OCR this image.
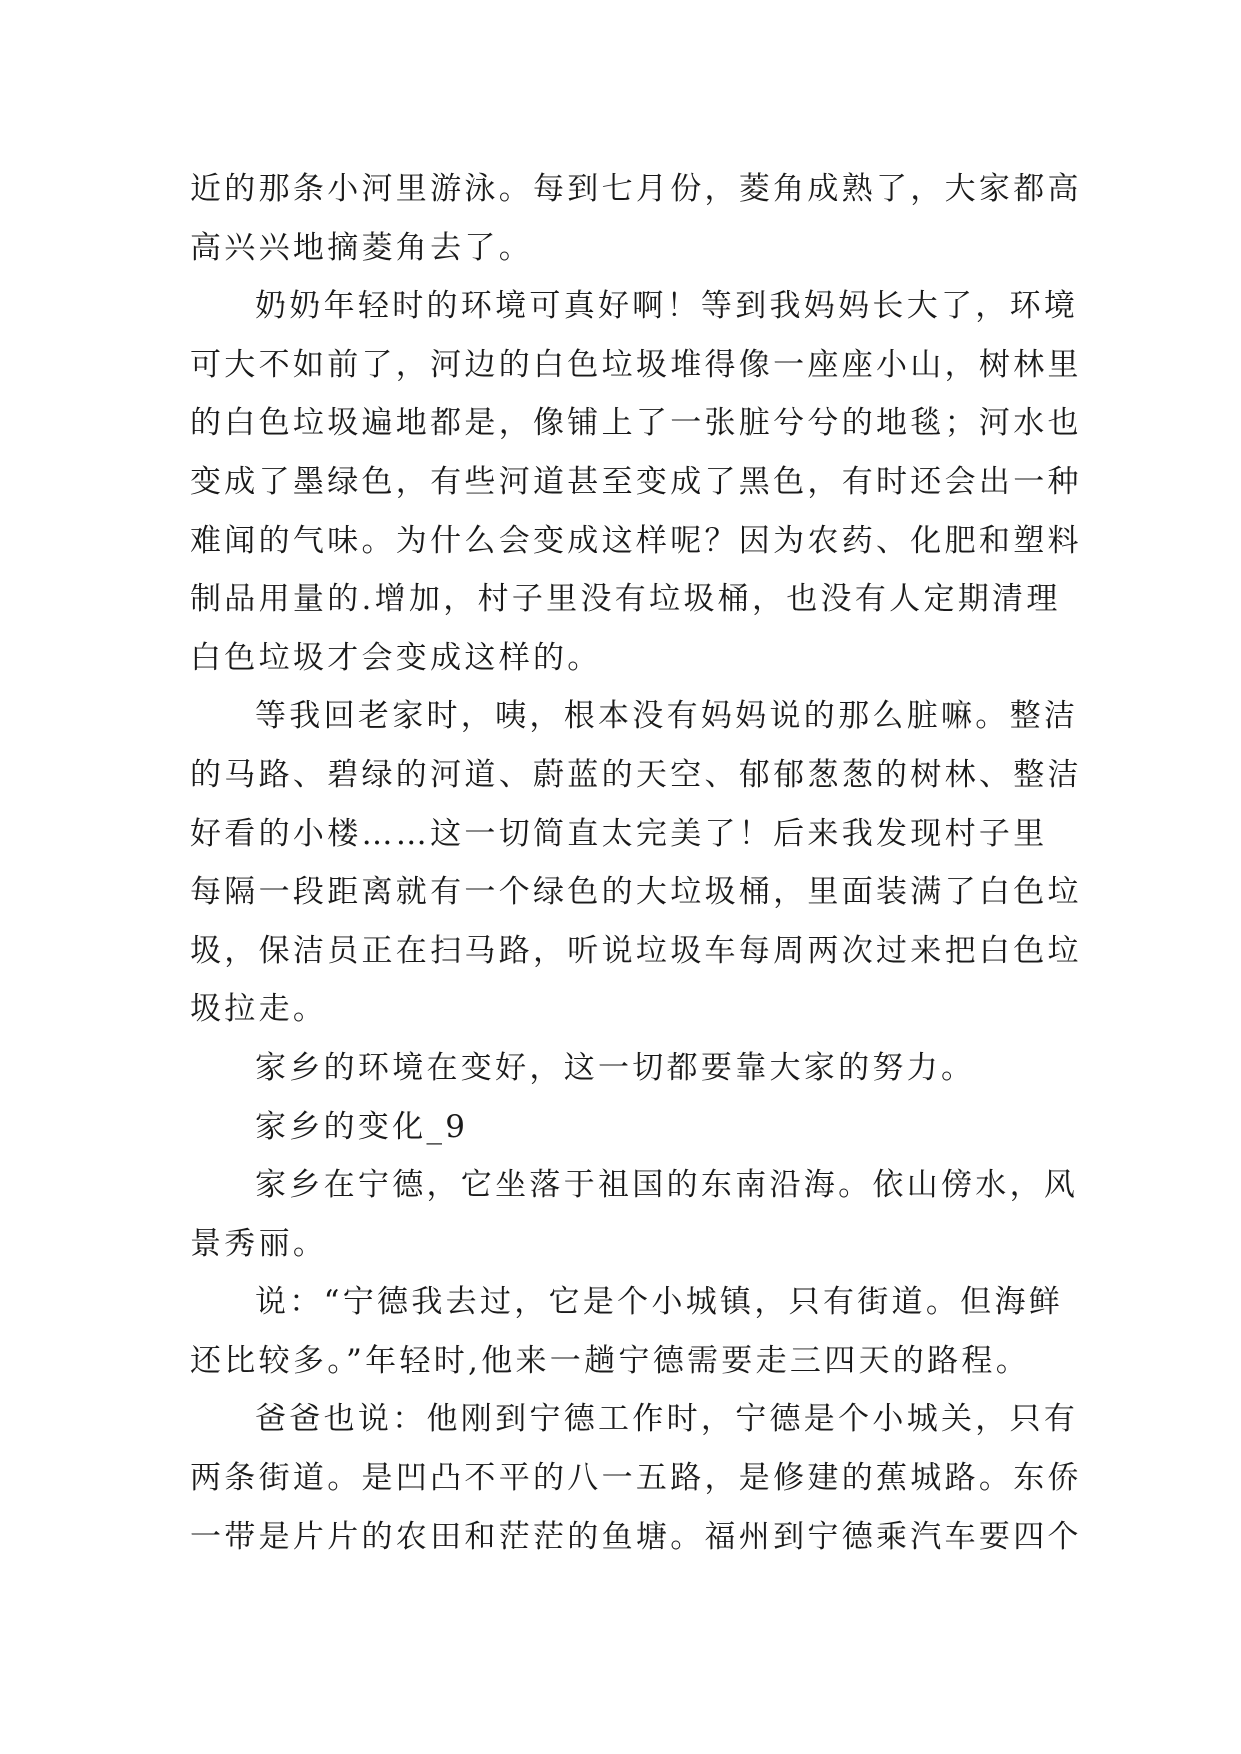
近的那条小河里游泳。每到七月份，菱角成熟了，大家都高
高兴兴地摘菱角去了。
奶奶年轻时的环境可真好啊！等到我妈妈长大了，环境
可大不如前了，河边的白色垃圾堆得像一座座小山，树林里
的白色垃圾遍地都是，像铺上了一张脏兮兮的地毯；河水也
变成了墨绿色，有些河道甚至变成了黑色，有时还会出一种
难闻的气味。为什么会变成这样呢？因为农药、化肥和塑料
制品用量的.增加，村子里没有垃圾桶，也没有人定期清理
白色垃圾才会变成这样的。
等我回老家时，咦，根本没有妈妈说的那么脏嘛。整洁
的马路、碧绿的河道、蔚蓝的天空、郁郁葱葱的树林、整洁
好看的小楼……这一切简直太完美了！后来我发现村子里
每隔一段距离就有一个绿色的大垃圾桶，里面装满了白色垃
圾，保洁员正在扫马路，听说垃圾车每周两次过来把白色垃
圾拉走。
家乡的环境在变好，这一切都要靠大家的努力。
家乡的变化_9
家乡在宁德，它坐落于祖国的东南沿海。依山傍水，风
景秀丽。
说：“宁德我去过，它是个小城镇，只有街道。但海鲜
还比较多。”年轻时,他来一趟宁德需要走三四天的路程。
爸爸也说：他刚到宁德工作时，宁德是个小城关，只有
两条街道。是凹凸不平的八一五路，是修建的蕉城路。东侨
一带是片片的农田和茫茫的鱼塘。福州到宁德乘汽车要四个
